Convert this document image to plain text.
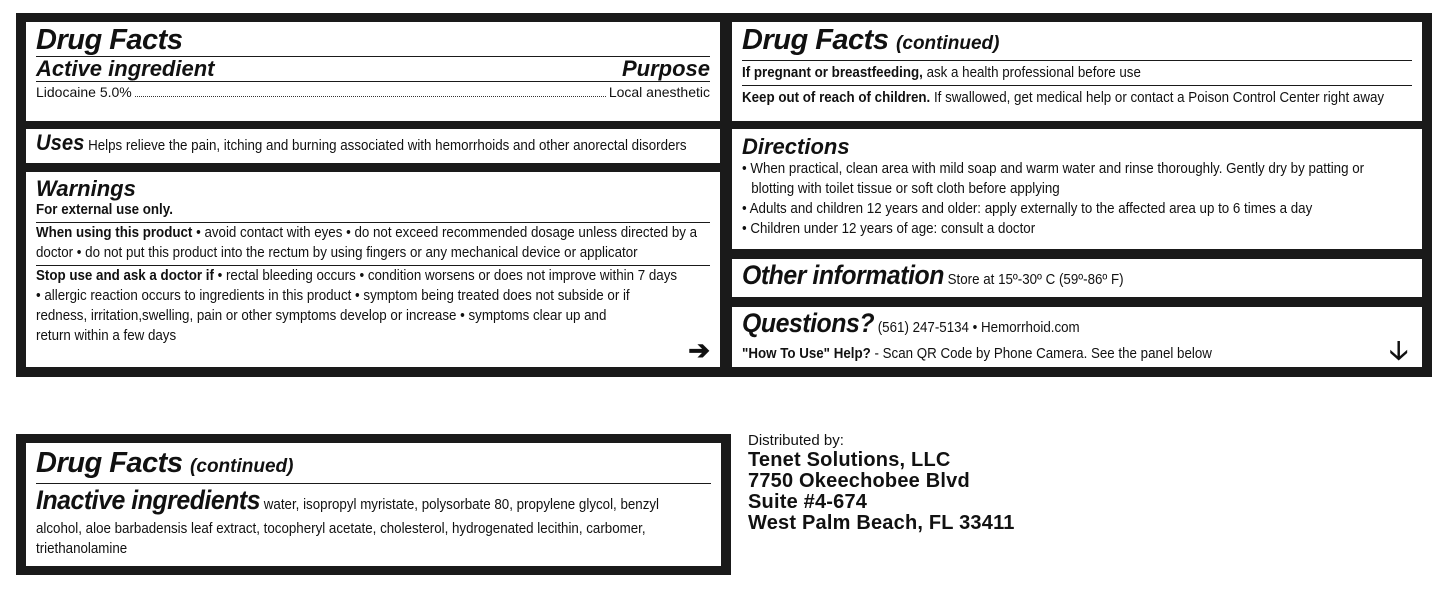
Drug Facts
Active ingredient	Purpose
Lidocaine 5.0%	Local anesthetic
Uses Helps relieve the pain, itching and burning associated with hemorrhoids and other anorectal disorders
Warnings
For external use only.
When using this product • avoid contact with eyes • do not exceed recommended dosage unless directed by a
doctor • do not put this product into the rectum by using fingers or any mechanical device or applicator
Stop use and ask a doctor if • rectal bleeding occurs • condition worsens or does not improve within 7 days
• allergic reaction occurs to ingredients in this product • symptom being treated does not subside or if
redness, irritation,swelling, pain or other symptoms develop or increase • symptoms clear up and
return within a few days	➔
Drug Facts (continued)
If pregnant or breastfeeding, ask a health professional before use
Keep out of reach of children. If swallowed, get medical help or contact a Poison Control Center right away
Directions
• When practical, clean area with mild soap and warm water and rinse thoroughly. Gently dry by patting or
blotting with toilet tissue or soft cloth before applying
• Adults and children 12 years and older: apply externally to the affected area up to 6 times a day
• Children under 12 years of age: consult a doctor
Other information Store at 15º-30º C (59º-86º F)
Questions? (561) 247-5134 • Hemorrhoid.com
"How To Use" Help? - Scan QR Code by Phone Camera. See the panel below	🡣
Drug Facts (continued)
Inactive ingredients water, isopropyl myristate, polysorbate 80, propylene glycol, benzyl
alcohol, aloe barbadensis leaf extract, tocopheryl acetate, cholesterol, hydrogenated lecithin, carbomer,
triethanolamine
Distributed by:
Tenet Solutions, LLC
7750 Okeechobee Blvd
Suite #4-674
West Palm Beach, FL 33411
